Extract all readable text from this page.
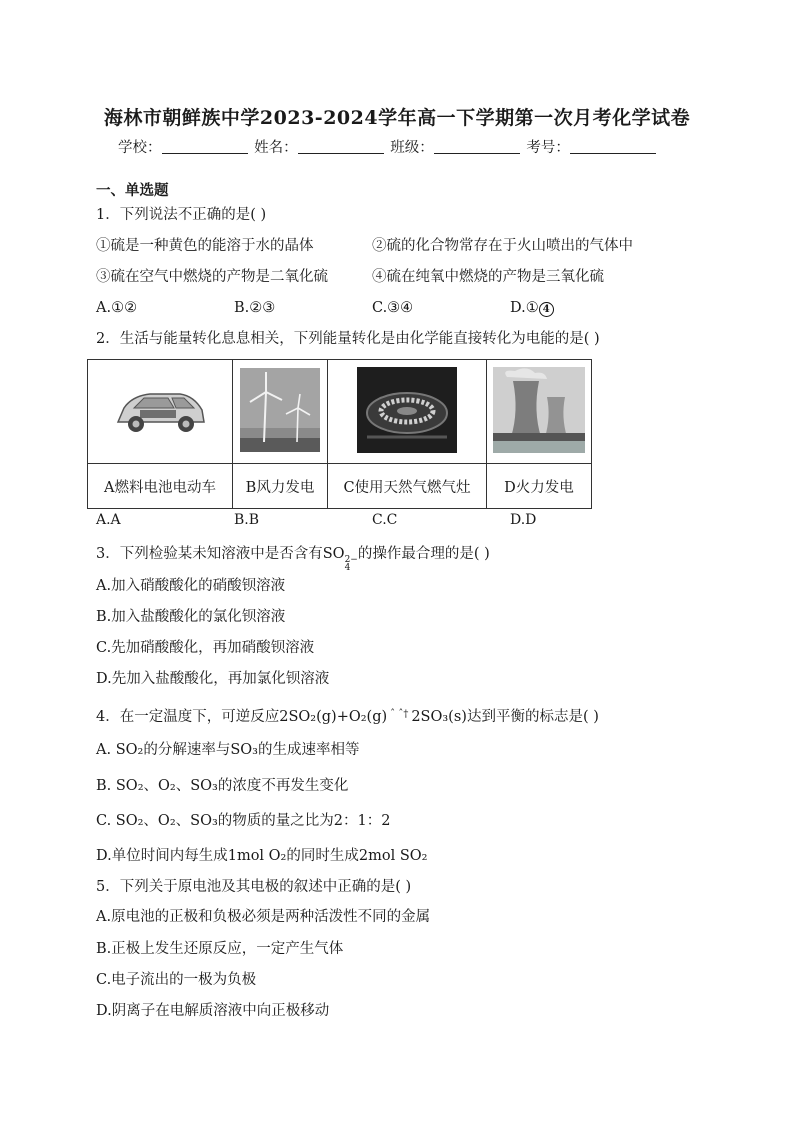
海林市朝鲜族中学2023-2024学年高一下学期第一次月考化学试卷
学校：	姓名：	班级：	考号：
一、单选题
1．下列说法不正确的是( )
①硫是一种黄色的能溶于水的晶体	②硫的化合物常存在于火山喷出的气体中
③硫在空气中燃烧的产物是二氧化硫	④硫在纯氧中燃烧的产物是三氧化硫
A.①②	B.②③	C.③④	D.① 4
2．生活与能量转化息息相关，下列能量转化是由化学能直接转化为电能的是( )

A燃料电池电动车	B风力发电	C使用天然气燃气灶	D火力发电
A.A	B.B	C.C	D.D
3．下列检验某未知溶液中是否含有SO 2−
4
的操作最合理的是( )
A.加入硝酸酸化的硝酸钡溶液
B.加入盐酸酸化的氯化钡溶液
C.先加硝酸酸化，再加硝酸钡溶液
D.先加入盐酸酸化，再加氯化钡溶液
4．在一定温度下，可逆反应2SO₂(g)+O₂(g) $^{ˆ ˆ\dagger}$ 2SO₃(s)达到平衡的标志是( )
A. SO₂的分解速率与SO₃的生成速率相等
B. SO₂、O₂、SO₃的浓度不再发生变化
C. SO₂、O₂、SO₃的物质的量之比为2：1：2
D.单位时间内每生成1mol O₂的同时生成2mol SO₂
5．下列关于原电池及其电极的叙述中正确的是( )
A.原电池的正极和负极必须是两种活泼性不同的金属
B.正极上发生还原反应，一定产生气体
C.电子流出的一极为负极
D.阴离子在电解质溶液中向正极移动
